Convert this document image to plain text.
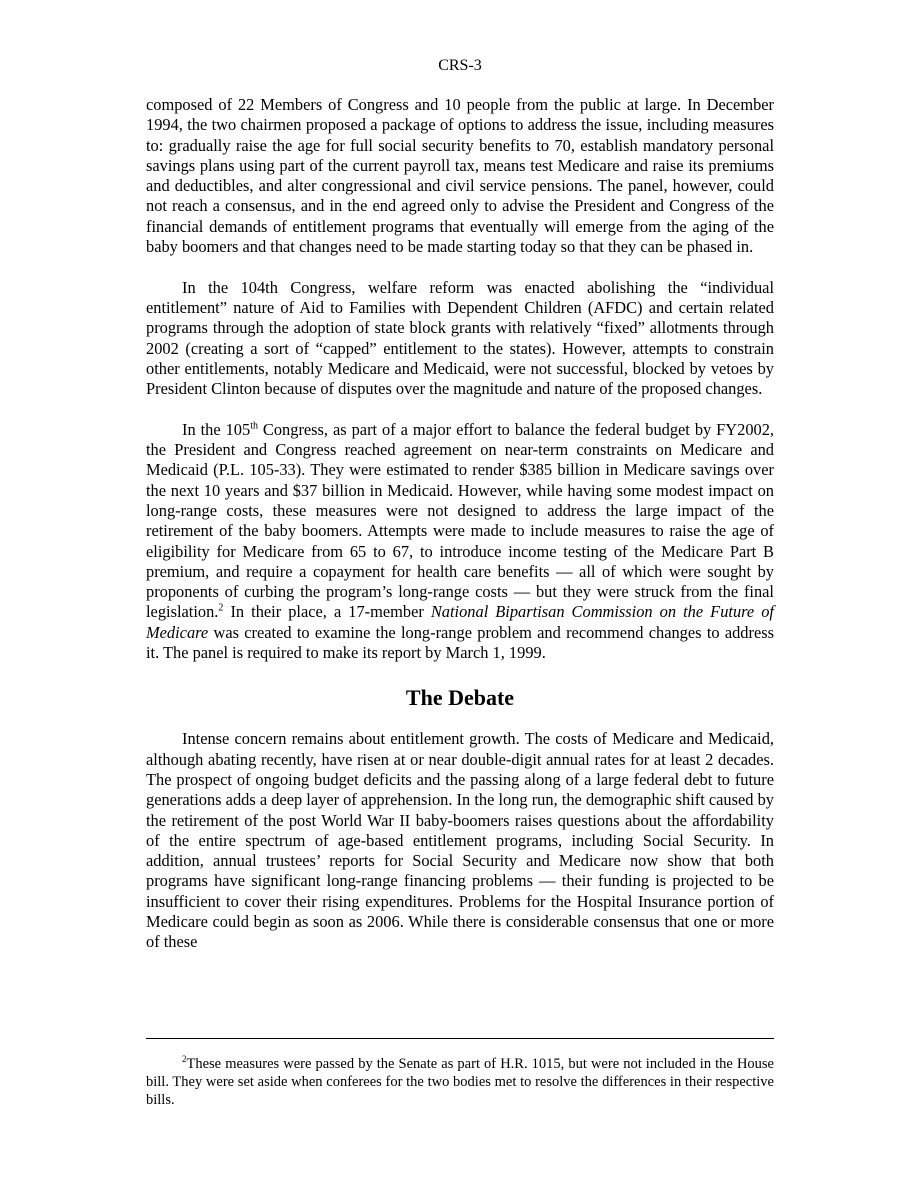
CRS-3

composed of 22 Members of Congress and 10 people from the public at large. In December 1994, the two chairmen proposed a package of options to address the issue, including measures to: gradually raise the age for full social security benefits to 70, establish mandatory personal savings plans using part of the current payroll tax, means test Medicare and raise its premiums and deductibles, and alter congressional and civil service pensions. The panel, however, could not reach a consensus, and in the end agreed only to advise the President and Congress of the financial demands of entitlement programs that eventually will emerge from the aging of the baby boomers and that changes need to be made starting today so that they can be phased in.

In the 104th Congress, welfare reform was enacted abolishing the “individual entitlement” nature of Aid to Families with Dependent Children (AFDC) and certain related programs through the adoption of state block grants with relatively “fixed” allotments through 2002 (creating a sort of “capped” entitlement to the states). However, attempts to constrain other entitlements, notably Medicare and Medicaid, were not successful, blocked by vetoes by President Clinton because of disputes over the magnitude and nature of the proposed changes.

In the 105th Congress, as part of a major effort to balance the federal budget by FY2002, the President and Congress reached agreement on near-term constraints on Medicare and Medicaid (P.L. 105-33). They were estimated to render $385 billion in Medicare savings over the next 10 years and $37 billion in Medicaid. However, while having some modest impact on long-range costs, these measures were not designed to address the large impact of the retirement of the baby boomers. Attempts were made to include measures to raise the age of eligibility for Medicare from 65 to 67, to introduce income testing of the Medicare Part B premium, and require a copayment for health care benefits — all of which were sought by proponents of curbing the program’s long-range costs — but they were struck from the final legislation.$^2$ In their place, a 17-member National Bipartisan Commission on the Future of Medicare was created to examine the long-range problem and recommend changes to address it. The panel is required to make its report by March 1, 1999.

The Debate

Intense concern remains about entitlement growth. The costs of Medicare and Medicaid, although abating recently, have risen at or near double-digit annual rates for at least 2 decades. The prospect of ongoing budget deficits and the passing along of a large federal debt to future generations adds a deep layer of apprehension. In the long run, the demographic shift caused by the retirement of the post World War II baby-boomers raises questions about the affordability of the entire spectrum of age-based entitlement programs, including Social Security. In addition, annual trustees’ reports for Social Security and Medicare now show that both programs have significant long-range financing problems — their funding is projected to be insufficient to cover their rising expenditures. Problems for the Hospital Insurance portion of Medicare could begin as soon as 2006. While there is considerable consensus that one or more of these

$^2$These measures were passed by the Senate as part of H.R. 1015, but were not included in the House bill. They were set aside when conferees for the two bodies met to resolve the differences in their respective bills.
